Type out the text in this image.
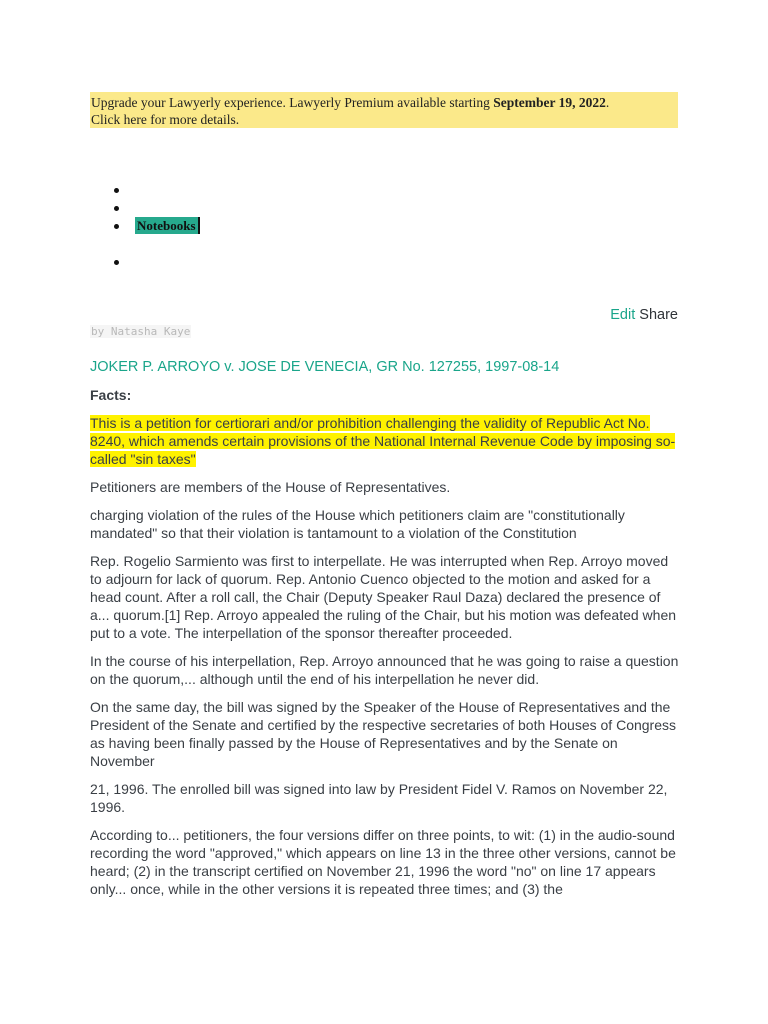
Upgrade your Lawyerly experience. Lawyerly Premium available starting September 19, 2022.
Click here for more details.
Notebooks
Edit Share
by Natasha Kaye

JOKER P. ARROYO v. JOSE DE VENECIA, GR No. 127255, 1997-08-14

Facts:

This is a petition for certiorari and/or prohibition challenging the validity of Republic Act No. 8240, which amends certain provisions of the National Internal Revenue Code by imposing so-called "sin taxes"

Petitioners are members of the House of Representatives.

charging violation of the rules of the House which petitioners claim are "constitutionally mandated" so that their violation is tantamount to a violation of the Constitution

Rep. Rogelio Sarmiento was first to interpellate. He was interrupted when Rep. Arroyo moved to adjourn for lack of quorum. Rep. Antonio Cuenco objected to the motion and asked for a head count. After a roll call, the Chair (Deputy Speaker Raul Daza) declared the presence of a... quorum.[1] Rep. Arroyo appealed the ruling of the Chair, but his motion was defeated when put to a vote. The interpellation of the sponsor thereafter proceeded.

In the course of his interpellation, Rep. Arroyo announced that he was going to raise a question on the quorum,... although until the end of his interpellation he never did.

On the same day, the bill was signed by the Speaker of the House of Representatives and the President of the Senate and certified by the respective secretaries of both Houses of Congress as having been finally passed by the House of Representatives and by the Senate on November

21, 1996. The enrolled bill was signed into law by President Fidel V. Ramos on November 22, 1996.

According to... petitioners, the four versions differ on three points, to wit: (1) in the audio-sound recording the word "approved," which appears on line 13 in the three other versions, cannot be heard; (2) in the transcript certified on November 21, 1996 the word "no" on line 17 appears only... once, while in the other versions it is repeated three times; and (3) the
